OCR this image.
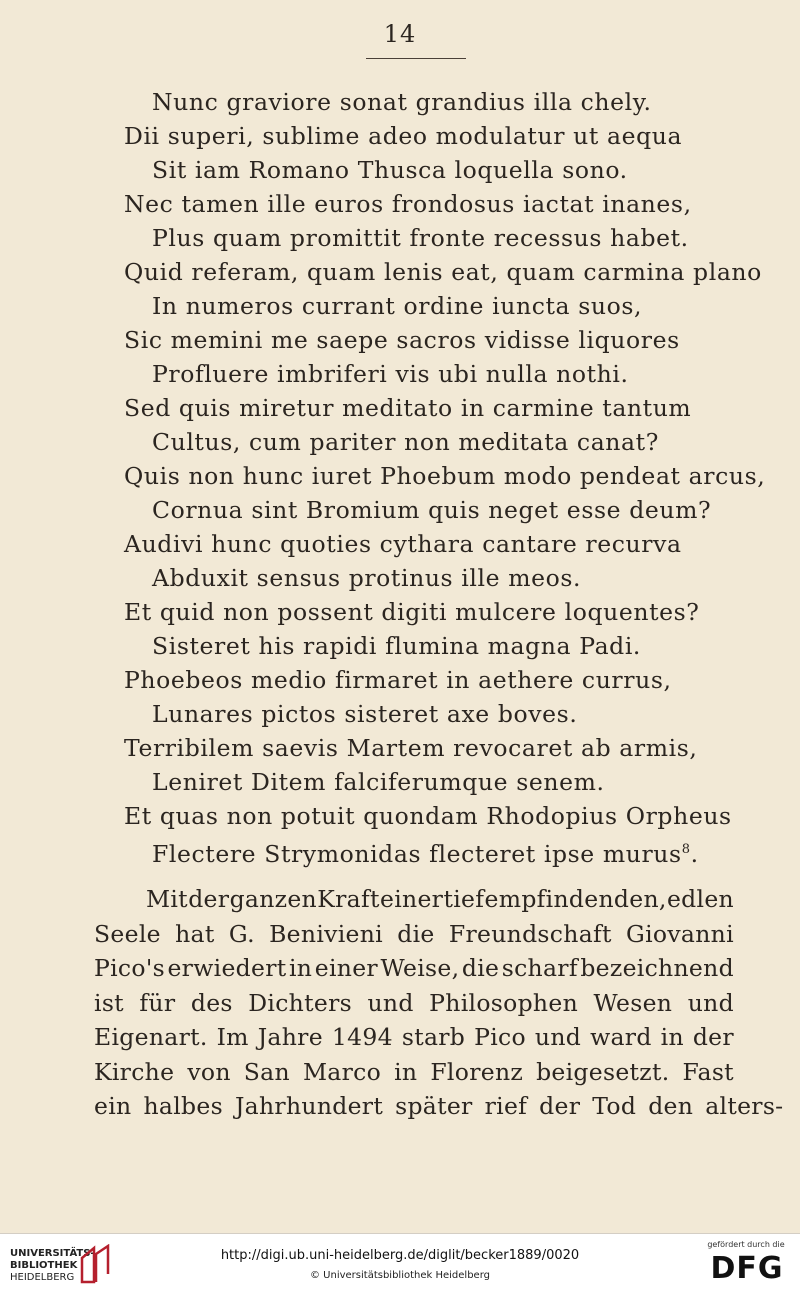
14
Nunc graviore sonat grandius illa chely.
Dii superi, sublime adeo modulatur ut aequa
Sit iam Romano Thusca loquella sono.
Nec tamen ille euros frondosus iactat inanes,
Plus quam promittit fronte recessus habet.
Quid referam, quam lenis eat, quam carmina plano
In numeros currant ordine iuncta suos,
Sic memini me saepe sacros vidisse liquores
Profluere imbriferi vis ubi nulla nothi.
Sed quis miretur meditato in carmine tantum
Cultus, cum pariter non meditata canat?
Quis non hunc iuret Phoebum modo pendeat arcus,
Cornua sint Bromium quis neget esse deum?
Audivi hunc quoties cythara cantare recurva
Abduxit sensus protinus ille meos.
Et quid non possent digiti mulcere loquentes?
Sisteret his rapidi flumina magna Padi.
Phoebeos medio firmaret in aethere currus,
Lunares pictos sisteret axe boves.
Terribilem saevis Martem revocaret ab armis,
Leniret Ditem falciferumque senem.
Et quas non potuit quondam Rhodopius Orpheus
Flectere Strymonidas flecteret ipse murus$^8$.
Mit der ganzen Kraft einer tief empfindenden, edlen
Seele hat G. Benivieni die Freundschaft Giovanni
Pico's erwiedert in einer Weise, die scharf bezeichnend
ist für des Dichters und Philosophen Wesen und
Eigenart. Im Jahre 1494 starb Pico und ward in der
Kirche von San Marco in Florenz beigesetzt. Fast
ein halbes Jahrhundert später rief der Tod den alters-
UNIVERSITÄTS-
BIBLIOTHEK
HEIDELBERG
http://digi.ub.uni-heidelberg.de/diglit/becker1889/0020
© Universitätsbibliothek Heidelberg
gefördert durch die
DFG
